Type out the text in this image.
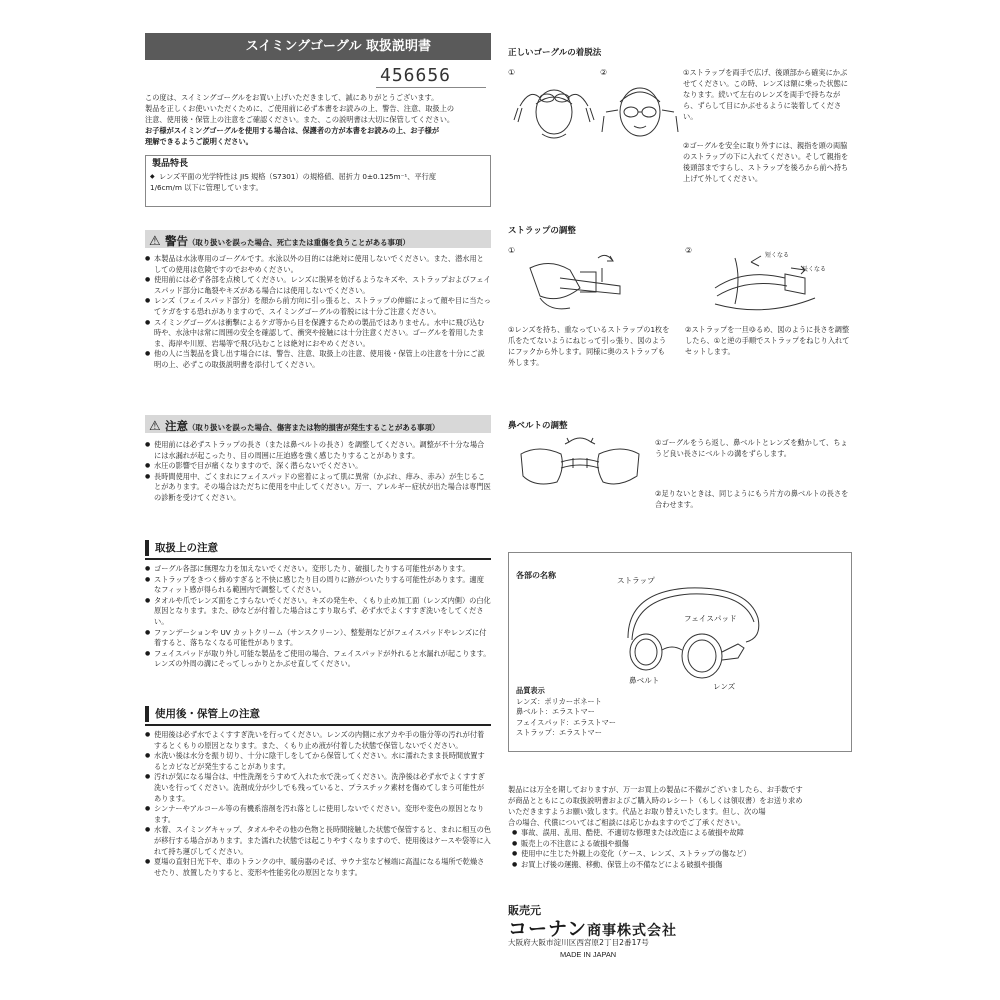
スイミングゴーグル 取扱説明書
456656
この度は、スイミングゴーグルをお買い上げいただきまして、誠にありがとうございます。
製品を正しくお使いいただくために、ご使用前に必ず本書をお読みの上、警告、注意、取扱上の
注意、使用後・保管上の注意をご確認ください。また、この説明書は大切に保管してください。
お子様がスイミングゴーグルを使用する場合は、保護者の方が本書をお読みの上、お子様が
理解できるようご説明ください。
製品特長
◆ レンズ平面の光学特性は JIS 規格（S7301）の規格値、屈折力 0±0.125m⁻¹、平行度
1/6cm/m 以下に管理しています。
⚠ 警告（取り扱いを誤った場合、死亡または重傷を負うことがある事項）
● 本製品は水泳専用のゴーグルです。水泳以外の目的には絶対に使用しないでください。また、潜水用としての使用は危険ですのでおやめください。
● 使用前には必ず各部を点検してください。レンズに脱昇を妨げるようなキズや、ストラップおよびフェイスパッド部分に亀裂やキズがある場合には使用しないでください。
● レンズ（フェイスパッド部分）を顔から前方向に引っ張ると、ストラップの伸縮によって顔や目に当たってケガをする恐れがありますので、スイミングゴーグルの着脱には十分ご注意ください。
● スイミングゴーグルは衝撃によるケガ等から目を保護するための製品ではありません。水中に飛び込む時や、水泳中は常に周囲の安全を確認して、衝突や接触には十分注意ください。ゴーグルを着用したまま、海岸や川原、岩場等で飛び込むことは絶対におやめください。
● 他の人に当製品を貸し出す場合には、警告、注意、取扱上の注意、使用後・保管上の注意を十分にご説明の上、必ずこの取扱説明書を添付してください。
⚠ 注意（取り扱いを誤った場合、傷害または物的損害が発生することがある事項）
● 使用前には必ずストラップの長さ（または鼻ベルトの長さ）を調整してください。調整が不十分な場合には水漏れが起こったり、目の周囲に圧迫感を強く感じたりすることがあります。
● 水圧の影響で目が痛くなりますので、深く潜らないでください。
● 長時間使用中、ごくまれにフェイスパッドの密着によって肌に異常（かぶれ、痒み、赤み）が生じることがあります。その場合はただちに使用を中止してください。万一、アレルギー症状が出た場合は専門医の診断を受けてください。
取扱上の注意
● ゴーグル各部に無理な力を加えないでください。変形したり、破損したりする可能性があります。
● ストラップをきつく締めすぎると不快に感じたり目の周りに跡がついたりする可能性があります。適度なフィット感が得られる範囲内で調整してください。
● タオルや爪でレンズ面をこすらないでください。キズの発生や、くもり止め加工面（レンズ内側）の白化原因となります。また、砂などが付着した場合はこすり取らず、必ず水でよくすすぎ洗いをしてください。
● ファンデーションや UV カットクリーム（サンスクリーン）、整髪剤などがフェイスパッドやレンズに付着すると、落ちなくなる可能性があります。
● フェイスパッドが取り外し可能な製品をご使用の場合、フェイスパッドが外れると水漏れが起こります。レンズの外周の溝にそってしっかりとかぶせ直してください。
使用後・保管上の注意
● 使用後は必ず水でよくすすぎ洗いを行ってください。レンズの内側に水アカや手の脂分等の汚れが付着するとくもりの原因となります。また、くもり止め液が付着した状態で保管しないでください。
● 水洗い後は水分を振り切り、十分に陰干しをしてから保管してください。水に濡れたまま長時間放置するとカビなどが発生することがあります。
● 汚れが気になる場合は、中性洗剤をうすめて入れた水で洗ってください。洗浄後は必ず水でよくすすぎ洗いを行ってください。洗剤成分が少しでも残っていると、プラスチック素材を傷めてしまう可能性があります。
● シンナーやアルコール等の有機系溶剤を汚れ落としに使用しないでください。変形や変色の原因となります。
● 水着、スイミングキャップ、タオルやその他の色物と長時間接触した状態で保管すると、まれに相互の色が移行する場合があります。また濡れた状態では起こりやすくなりますので、使用後はケースや袋等に入れて持ち運びしてください。
● 夏場の直射日光下や、車のトランクの中、暖房器のそば、サウナ室など極端に高温になる場所で乾燥させたり、放置したりすると、変形や性能劣化の原因となります。
正しいゴーグルの着脱法
①	②	①ストラップを両手で広げ、後頭部から確実にかぶせてください。この時、レンズは額に乗った状態になります。続いて左右のレンズを両手で持ちながら、ずらして目にかぶせるように装着してください。
②ゴーグルを安全に取り外すには、親指を頭の両脇のストラップの下に入れてください。そして親指を後頭部まですらし、ストラップを後ろから前へ持ち上げて外してください。
ストラップの調整
①	②
短くなる
長くなる
①レンズを持ち、重なっているストラップの1枚を爪をたてないようにねじって引っ張り、図のようにフックから外します。同様に奥のストラップも外します。
②ストラップを一旦ゆるめ、図のように長さを調整したら、①と逆の手順でストラップをねじり入れてセットします。
鼻ベルトの調整
①ゴーグルをうら返し、鼻ベルトとレンズを動かして、ちょうど良い長さにベルトの溝をずらします。
②足りないときは、同じようにもう片方の鼻ベルトの長さを合わせます。
各部の名称
ストラップ
フェイスパッド
鼻ベルト
レンズ
品質表示
レンズ：ポリカーボネート
鼻ベルト：エラストマー
フェイスパッド：エラストマー
ストラップ：エラストマー
製品には万全を期しておりますが、万一お買上の製品に不備がございましたら、お手数です
が商品とともにこの取扱説明書およびご購入時のレシート（もしくは領収書）をお送り求め
いただきますようお願い致します。代品とお取り替えいたします。但し、次の場
合の場合、代償についてはご相談には応じかねますのでご了承ください。
● 事故、誤用、乱用、酷使、不適切な修理または改造による破損や故障
● 販売上の不注意による破損や損傷
● 使用中に生じた外観上の変化（ケース、レンズ、ストラップの傷など）
● お買上げ後の運搬、移動、保管上の不備などによる破損や損傷
販売元
コーナン商事株式会社
大阪府大阪市淀川区西宮原2丁目2番17号
MADE IN JAPAN
